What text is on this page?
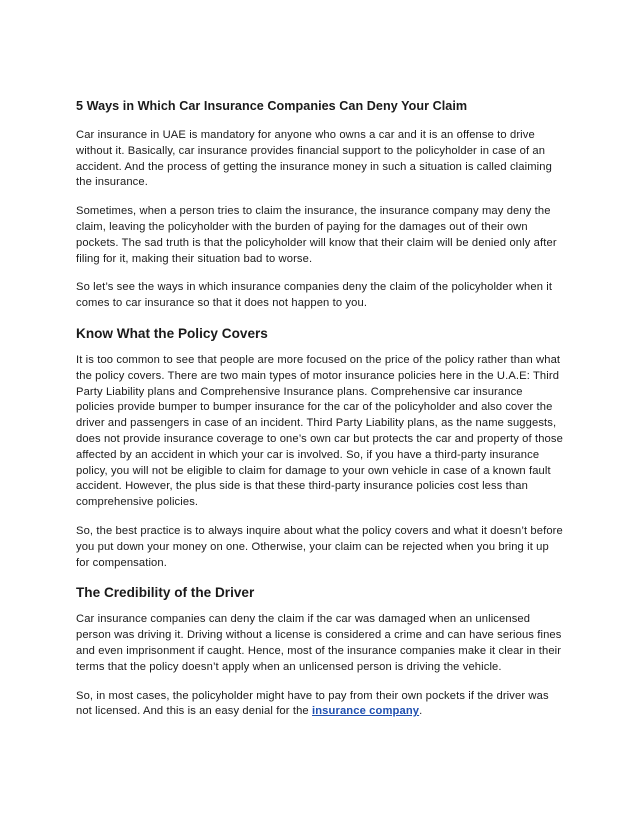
5 Ways in Which Car Insurance Companies Can Deny Your Claim

Car insurance in UAE is mandatory for anyone who owns a car and it is an offense to drive without it. Basically, car insurance provides financial support to the policyholder in case of an accident. And the process of getting the insurance money in such a situation is called claiming the insurance.

Sometimes, when a person tries to claim the insurance, the insurance company may deny the claim, leaving the policyholder with the burden of paying for the damages out of their own pockets. The sad truth is that the policyholder will know that their claim will be denied only after filing for it, making their situation bad to worse.

So let’s see the ways in which insurance companies deny the claim of the policyholder when it comes to car insurance so that it does not happen to you.

Know What the Policy Covers

It is too common to see that people are more focused on the price of the policy rather than what the policy covers. There are two main types of motor insurance policies here in the U.A.E: Third Party Liability plans and Comprehensive Insurance plans. Comprehensive car insurance policies provide bumper to bumper insurance for the car of the policyholder and also cover the driver and passengers in case of an incident. Third Party Liability plans, as the name suggests, does not provide insurance coverage to one’s own car but protects the car and property of those affected by an accident in which your car is involved. So, if you have a third-party insurance policy, you will not be eligible to claim for damage to your own vehicle in case of a known fault accident. However, the plus side is that these third-party insurance policies cost less than comprehensive policies.

So, the best practice is to always inquire about what the policy covers and what it doesn’t before you put down your money on one. Otherwise, your claim can be rejected when you bring it up for compensation.

The Credibility of the Driver

Car insurance companies can deny the claim if the car was damaged when an unlicensed person was driving it. Driving without a license is considered a crime and can have serious fines and even imprisonment if caught. Hence, most of the insurance companies make it clear in their terms that the policy doesn’t apply when an unlicensed person is driving the vehicle.

So, in most cases, the policyholder might have to pay from their own pockets if the driver was not licensed. And this is an easy denial for the insurance company.
